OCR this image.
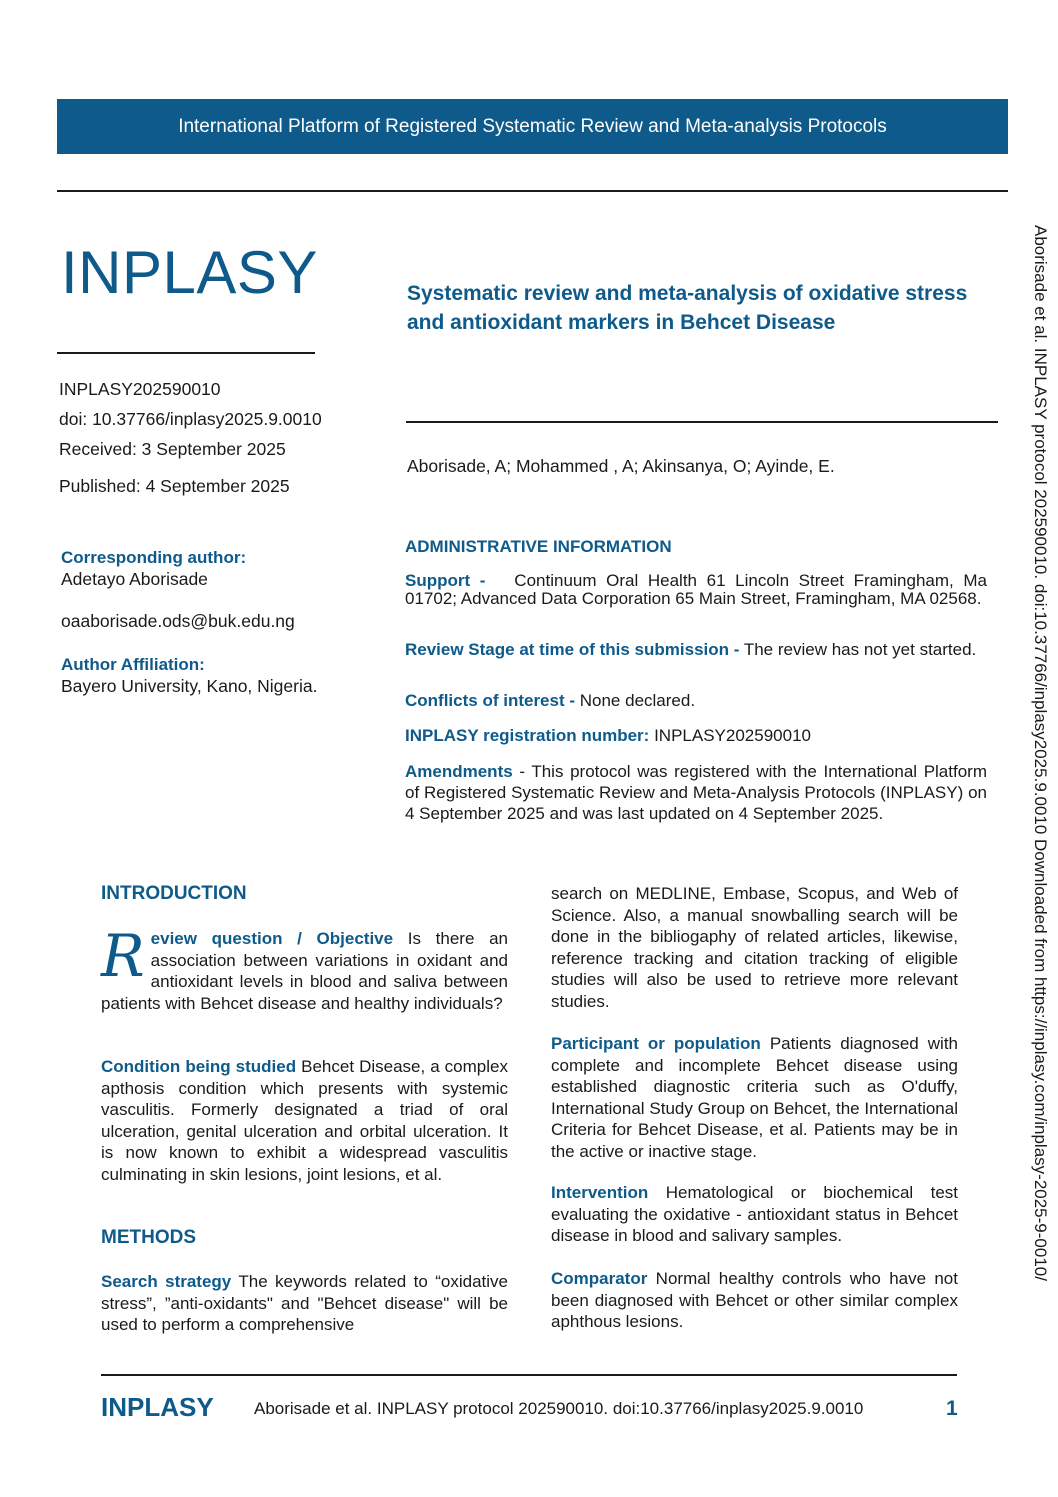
International Platform of Registered Systematic Review and Meta-analysis Protocols
INPLASY
INPLASY202590010
doi: 10.37766/inplasy2025.9.0010
Received: 3 September 2025
Published: 4 September 2025
Corresponding author:
Adetayo Aborisade
oaaborisade.ods@buk.edu.ng
Author Affiliation:
Bayero University, Kano, Nigeria.
Systematic review and meta-analysis of oxidative stress and antioxidant markers in Behcet Disease
Aborisade, A; Mohammed , A; Akinsanya, O; Ayinde, E.
ADMINISTRATIVE INFORMATION
Support - Continuum Oral Health 61 Lincoln Street Framingham, Ma 01702; Advanced Data Corporation 65 Main Street, Framingham, MA 02568.
Review Stage at time of this submission - The review has not yet started.
Conflicts of interest - None declared.
INPLASY registration number: INPLASY202590010
Amendments - This protocol was registered with the International Platform of Registered Systematic Review and Meta-Analysis Protocols (INPLASY) on 4 September 2025 and was last updated on 4 September 2025.
INTRODUCTION
R eview question / Objective Is there an association between variations in oxidant and antioxidant levels in blood and saliva between patients with Behcet disease and healthy individuals?
Condition being studied Behcet Disease, a complex apthosis condition which presents with systemic vasculitis. Formerly designated a triad of oral ulceration, genital ulceration and orbital ulceration. It is now known to exhibit a widespread vasculitis culminating in skin lesions, joint lesions, et al.
METHODS
Search strategy The keywords related to “oxidative stress”, ”anti-oxidants" and "Behcet disease" will be used to perform a comprehensive
search on MEDLINE, Embase, Scopus, and Web of Science. Also, a manual snowballing search will be done in the bibliogaphy of related articles, likewise, reference tracking and citation tracking of eligible studies will also be used to retrieve more relevant studies.
Participant or population Patients diagnosed with complete and incomplete Behcet disease using established diagnostic criteria such as O'duffy, International Study Group on Behcet, the International Criteria for Behcet Disease, et al. Patients may be in the active or inactive stage.
Intervention Hematological or biochemical test evaluating the oxidative - antioxidant status in Behcet disease in blood and salivary samples.
Comparator Normal healthy controls who have not been diagnosed with Behcet or other similar complex aphthous lesions.
Aborisade et al. INPLASY protocol 202590010. doi:10.37766/inplasy2025.9.0010 Downloaded from https://inplasy.com/inplasy-2025-9-0010/
INPLASY Aborisade et al. INPLASY protocol 202590010. doi:10.37766/inplasy2025.9.0010	1
